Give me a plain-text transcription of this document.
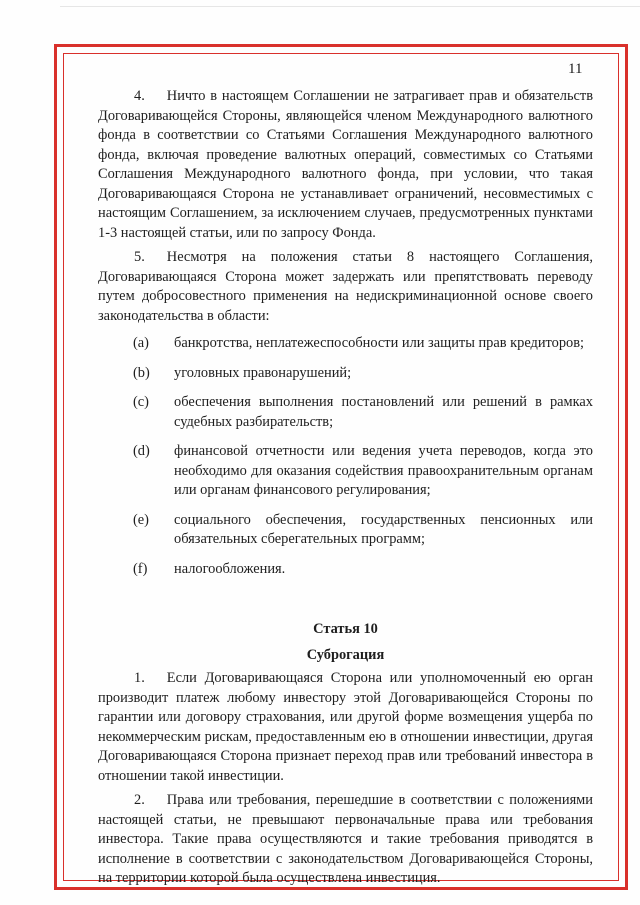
11

4. Ничто в настоящем Соглашении не затрагивает прав и обязательств Договаривающейся Стороны, являющейся членом Международного валютного фонда в соответствии со Статьями Соглашения Международного валютного фонда, включая проведение валютных операций, совместимых со Статьями Соглашения Международного валютного фонда, при условии, что такая Договаривающаяся Сторона не устанавливает ограничений, несовместимых с настоящим Соглашением, за исключением случаев, предусмотренных пунктами 1-3 настоящей статьи, или по запросу Фонда.

5. Несмотря на положения статьи 8 настоящего Соглашения, Договаривающаяся Сторона может задержать или препятствовать переводу путем добросовестного применения на недискриминационной основе своего законодательства в области:

(a)	банкротства, неплатежеспособности или защиты прав кредиторов;
(b)	уголовных правонарушений;
(c)	обеспечения выполнения постановлений или решений в рамках судебных разбирательств;
(d)	финансовой отчетности или ведения учета переводов, когда это необходимо для оказания содействия правоохранительным органам или органам финансового регулирования;
(e)	социального обеспечения, государственных пенсионных или обязательных сберегательных программ;
(f)	налогообложения.

Статья 10

Суброгация

1. Если Договаривающаяся Сторона или уполномоченный ею орган производит платеж любому инвестору этой Договаривающейся Стороны по гарантии или договору страхования, или другой форме возмещения ущерба по некоммерческим рискам, предоставленным ею в отношении инвестиции, другая Договаривающаяся Сторона признает переход прав или требований инвестора в отношении такой инвестиции.

2. Права или требования, перешедшие в соответствии с положениями настоящей статьи, не превышают первоначальные права или требования инвестора. Такие права осуществляются и такие требования приводятся в исполнение в соответствии с законодательством Договаривающейся Стороны, на территории которой была осуществлена инвестиция.
